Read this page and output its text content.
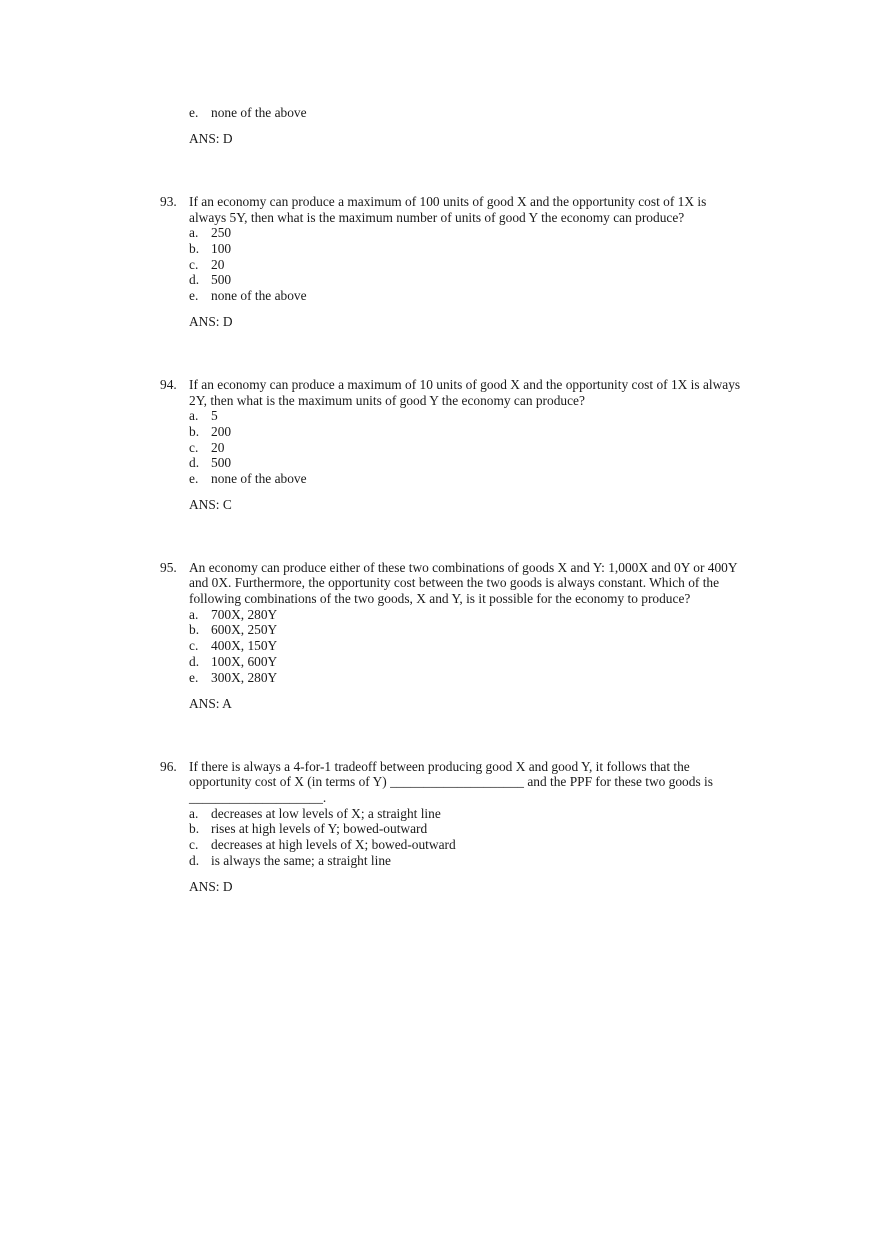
e. none of the above
ANS: D
93. If an economy can produce a maximum of 100 units of good X and the opportunity cost of 1X is
always 5Y, then what is the maximum number of units of good Y the economy can produce?
a. 250
b. 100
c. 20
d. 500
e. none of the above
ANS: D
94. If an economy can produce a maximum of 10 units of good X and the opportunity cost of 1X is always
2Y, then what is the maximum units of good Y the economy can produce?
a. 5
b. 200
c. 20
d. 500
e. none of the above
ANS: C
95. An economy can produce either of these two combinations of goods X and Y: 1,000X and 0Y or 400Y
and 0X. Furthermore, the opportunity cost between the two goods is always constant. Which of the
following combinations of the two goods, X and Y, is it possible for the economy to produce?
a. 700X, 280Y
b. 600X, 250Y
c. 400X, 150Y
d. 100X, 600Y
e. 300X, 280Y
ANS: A
96. If there is always a 4-for-1 tradeoff between producing good X and good Y, it follows that the
opportunity cost of X (in terms of Y) ____________________ and the PPF for these two goods is
____________________.
a. decreases at low levels of X; a straight line
b. rises at high levels of Y; bowed-outward
c. decreases at high levels of X; bowed-outward
d. is always the same; a straight line
ANS: D
